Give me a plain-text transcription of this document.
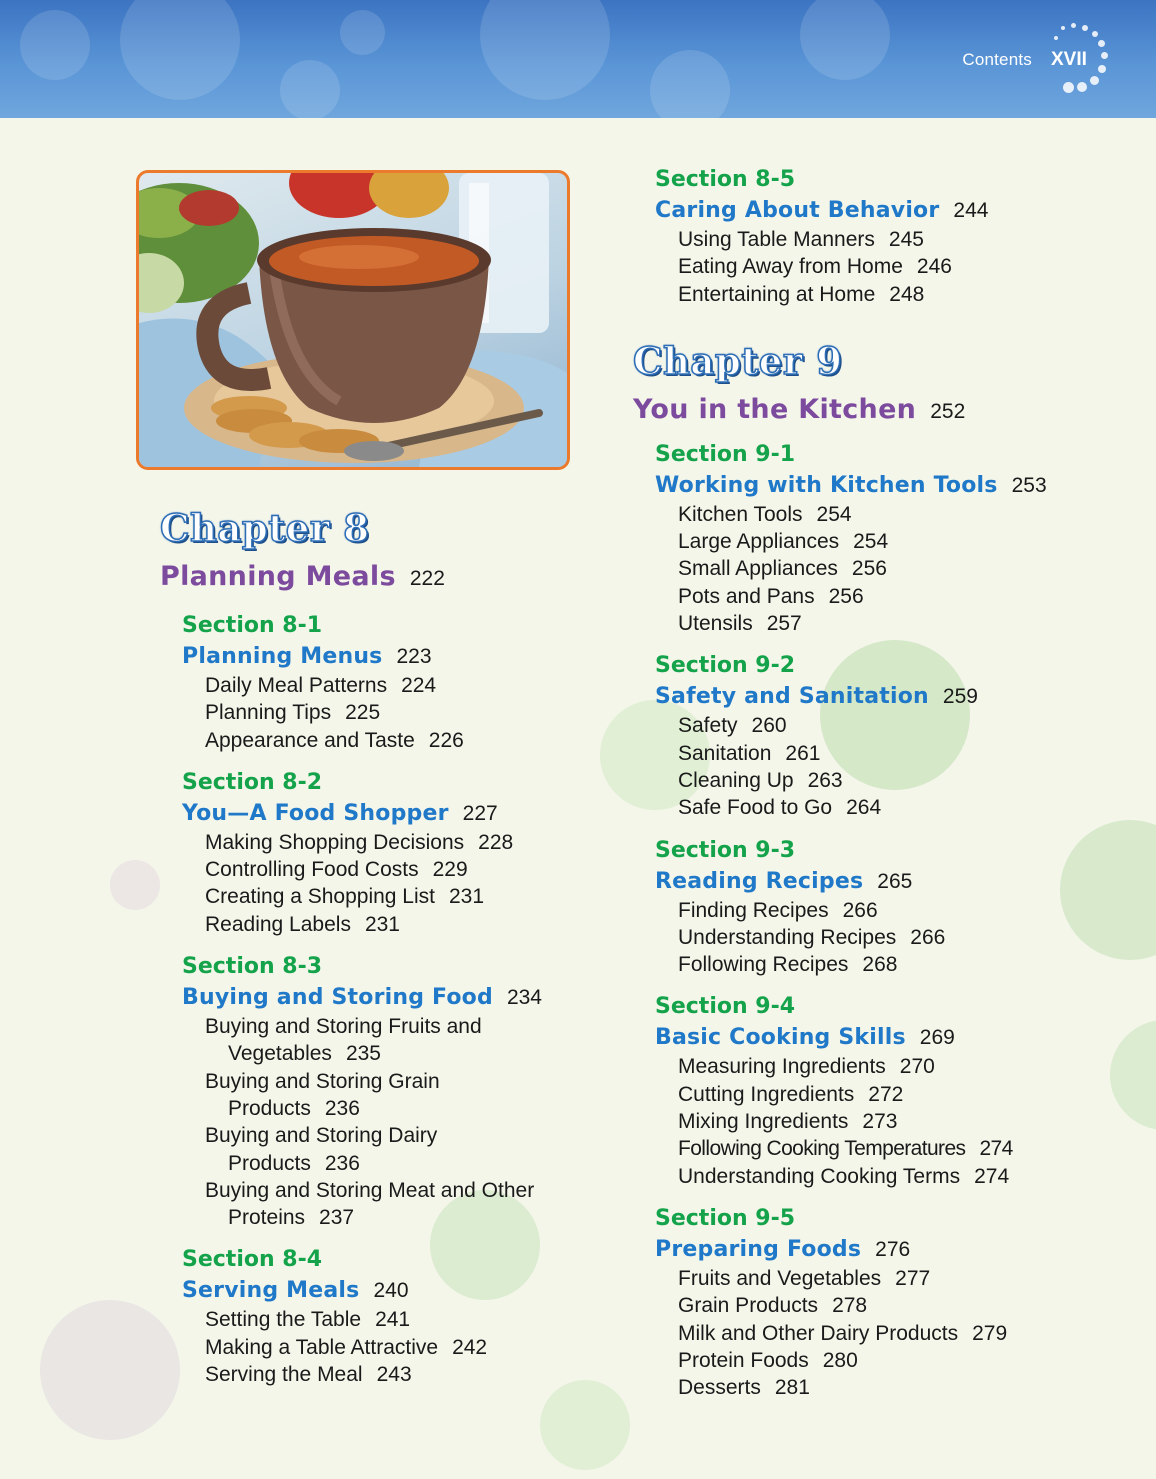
Contents XVII
Chapter 8
Planning Meals 222
Section 8-1
Planning Menus 223
Daily Meal Patterns 224
Planning Tips 225
Appearance and Taste 226
Section 8-2
You—A Food Shopper 227
Making Shopping Decisions 228
Controlling Food Costs 229
Creating a Shopping List 231
Reading Labels 231
Section 8-3
Buying and Storing Food 234
Buying and Storing Fruits and
Vegetables 235
Buying and Storing Grain
Products 236
Buying and Storing Dairy
Products 236
Buying and Storing Meat and Other
Proteins 237
Section 8-4
Serving Meals 240
Setting the Table 241
Making a Table Attractive 242
Serving the Meal 243
Section 8-5
Caring About Behavior 244
Using Table Manners 245
Eating Away from Home 246
Entertaining at Home 248
Chapter 9
You in the Kitchen 252
Section 9-1
Working with Kitchen Tools 253
Kitchen Tools 254
Large Appliances 254
Small Appliances 256
Pots and Pans 256
Utensils 257
Section 9-2
Safety and Sanitation 259
Safety 260
Sanitation 261
Cleaning Up 263
Safe Food to Go 264
Section 9-3
Reading Recipes 265
Finding Recipes 266
Understanding Recipes 266
Following Recipes 268
Section 9-4
Basic Cooking Skills 269
Measuring Ingredients 270
Cutting Ingredients 272
Mixing Ingredients 273
Following Cooking Temperatures 274
Understanding Cooking Terms 274
Section 9-5
Preparing Foods 276
Fruits and Vegetables 277
Grain Products 278
Milk and Other Dairy Products 279
Protein Foods 280
Desserts 281
